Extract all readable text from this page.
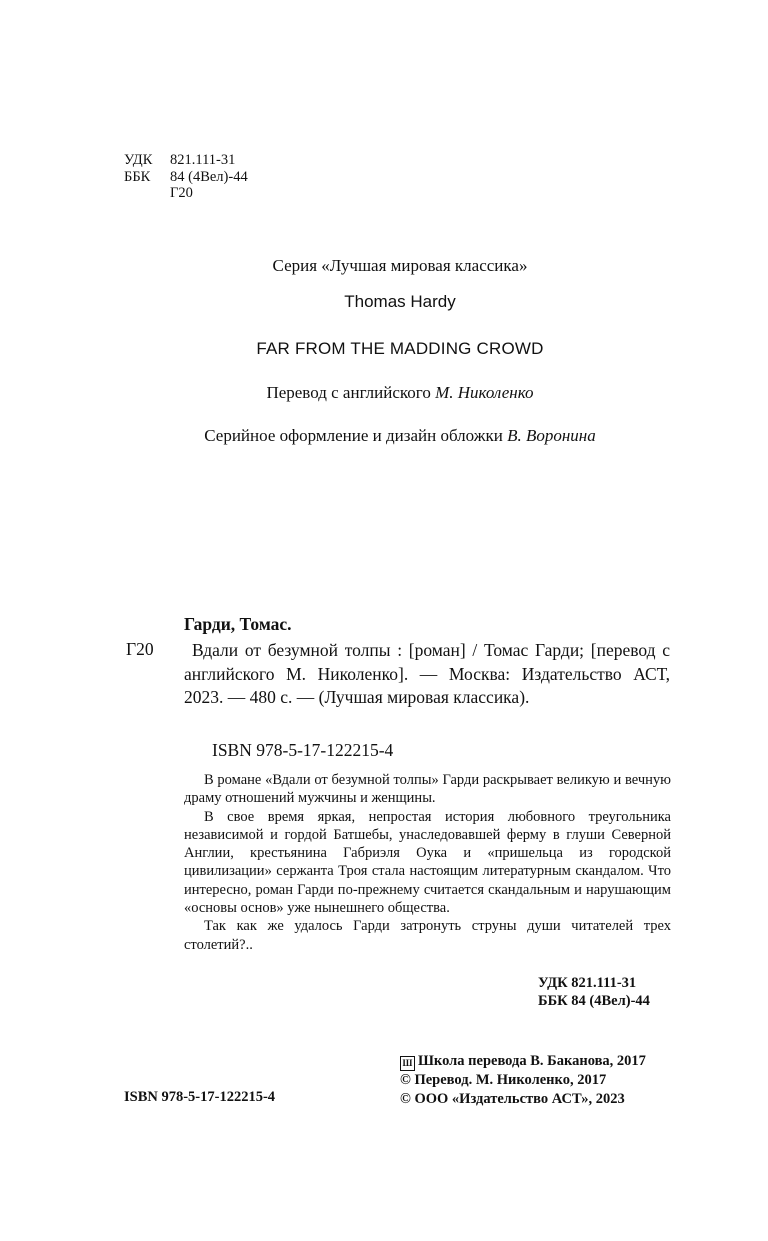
УДК	821.111-31
ББК	84 (4Вел)-44
Г20
Серия «Лучшая мировая классика»
Thomas Hardy
FAR FROM THE MADDING CROWD
Перевод с английского М. Николенко
Серийное оформление и дизайн обложки В. Воронина
Гарди, Томас.
Г20	Вдали от безумной толпы : [роман] / Томас Гарди; [перевод с английского М. Николенко]. — Москва: Издательство АСТ, 2023. — 480 с. — (Лучшая мировая классика).
ISBN 978-5-17-122215-4

В романе «Вдали от безумной толпы» Гарди раскрывает великую и вечную драму отношений мужчины и женщины.

В свое время яркая, непростая история любовного треугольника независимой и гордой Батшебы, унаследовавшей ферму в глуши Северной Англии, крестьянина Габриэля Оука и «пришельца из городской цивилизации» сержанта Троя стала настоящим литературным скандалом. Что интересно, роман Гарди по-прежнему считается скандальным и нарушающим «основы основ» уже нынешнего общества.

Так как же удалось Гарди затронуть струны души читателей трех столетий?..

УДК 821.111-31
ББК 84 (4Вел)-44
Ш Школа перевода В. Баканова, 2017
© Перевод. М. Николенко, 2017
© ООО «Издательство АСТ», 2023
ISBN 978-5-17-122215-4
